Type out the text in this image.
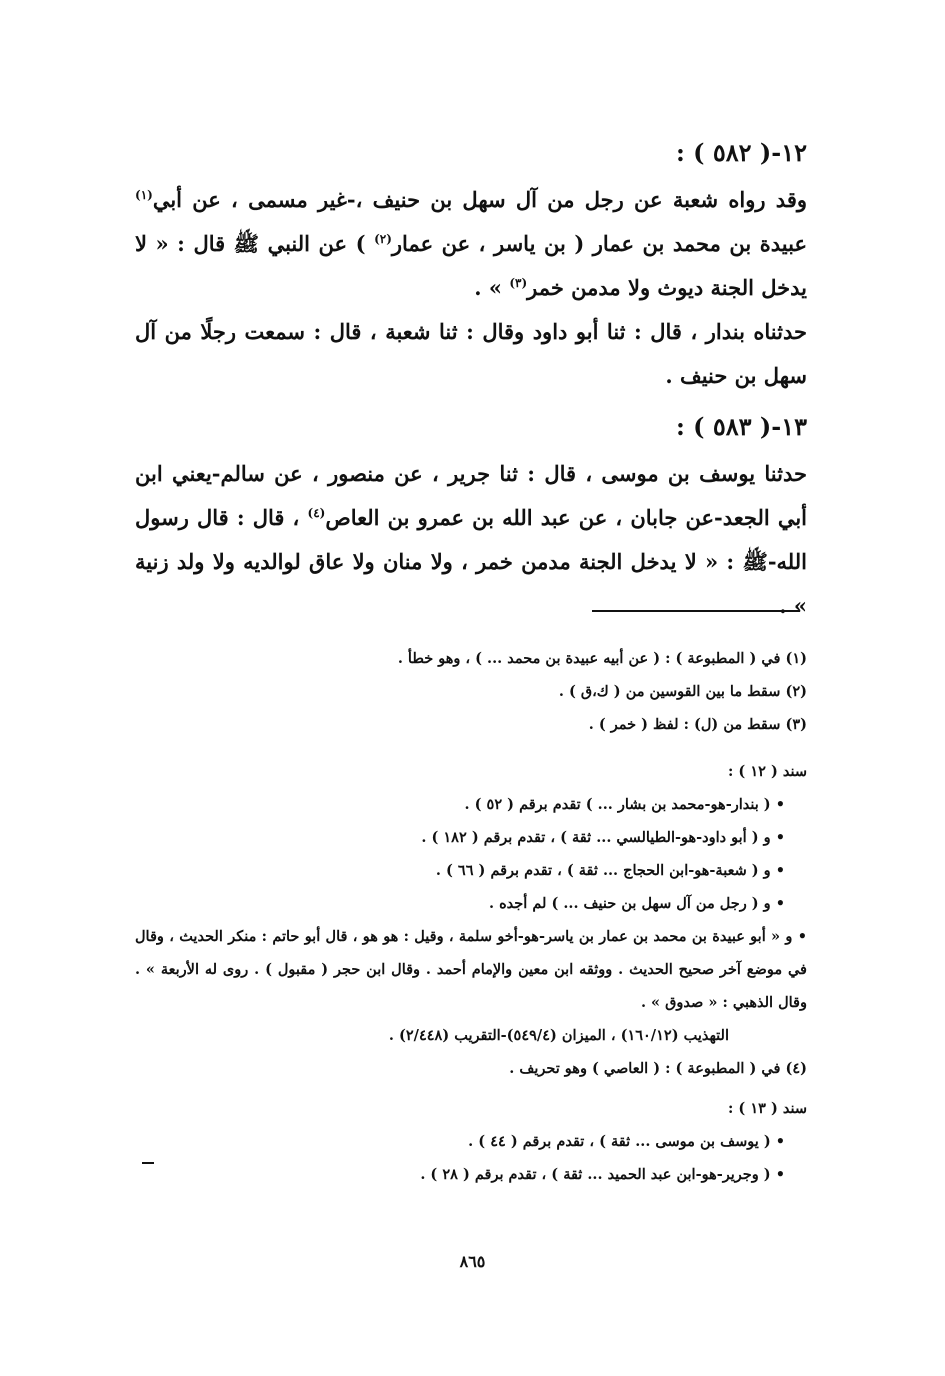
١٢-( ٥٨٢ ) :
وقد رواه شعبة عن رجل من آل سهل بن حنيف ،-غير مسمى ، عن أبي$^{(١)}$ عبيدة بن محمد بن عمار ( بن ياسر ، عن عمار$^{(٢)}$ ) عن النبي ﷺ قال : « لا يدخل الجنة ديوث ولا مدمن خمر$^{(٣)}$ » .
حدثناه بندار ، قال : ثنا أبو داود وقال : ثنا شعبة ، قال : سمعت رجلًا من آل سهل بن حنيف .
١٣-( ٥٨٣ ) :
حدثنا يوسف بن موسى ، قال : ثنا جرير ، عن منصور ، عن سالم-يعني ابن أبي الجعد-عن جابان ، عن عبد الله بن عمرو بن العاص$^{(٤)}$ ، قال : قال رسول الله-ﷺ : « لا يدخل الجنة مدمن خمر ، ولا منان ولا عاق لوالديه ولا ولد زنية » .
(١) في ( المطبوعة ) : ( عن أبيه عبيدة بن محمد ... ) ، وهو خطأ .
(٢) سقط ما بين القوسين من ( ك،ق ) .
(٣) سقط من (ل) : لفظ ( خمر ) .
سند ( ١٢ ) :
• ( بندار-هو-محمد بن بشار ... ) تقدم برقم ( ٥٢ ) .
• و ( أبو داود-هو-الطيالسي ... ثقة ) ، تقدم برقم ( ١٨٢ ) .
• و ( شعبة-هو-ابن الحجاج ... ثقة ) ، تقدم برقم ( ٦٦ ) .
• و ( رجل من آل سهل بن حنيف ... ) لم أجده .
• و « أبو عبيدة بن محمد بن عمار بن ياسر-هو-أخو سلمة ، وقيل : هو هو ، قال أبو حاتم : منكر الحديث ، وقال في موضع آخر صحيح الحديث . ووثقه ابن معين والإمام أحمد . وقال ابن حجر ( مقبول ) . روى له الأربعة » . وقال الذهبي : « صدوق » .
التهذيب (١٦٠/١٢) ، الميزان (٥٤٩/٤)-التقريب (٢/٤٤٨) .
(٤) في ( المطبوعة ) : ( العاصي ) وهو تحريف .
سند ( ١٣ ) :
• ( يوسف بن موسى ... ثقة ) ، تقدم برقم ( ٤٤ ) .
• ( وجرير-هو-ابن عبد الحميد ... ثقة ) ، تقدم برقم ( ٢٨ ) .
٨٦٥
